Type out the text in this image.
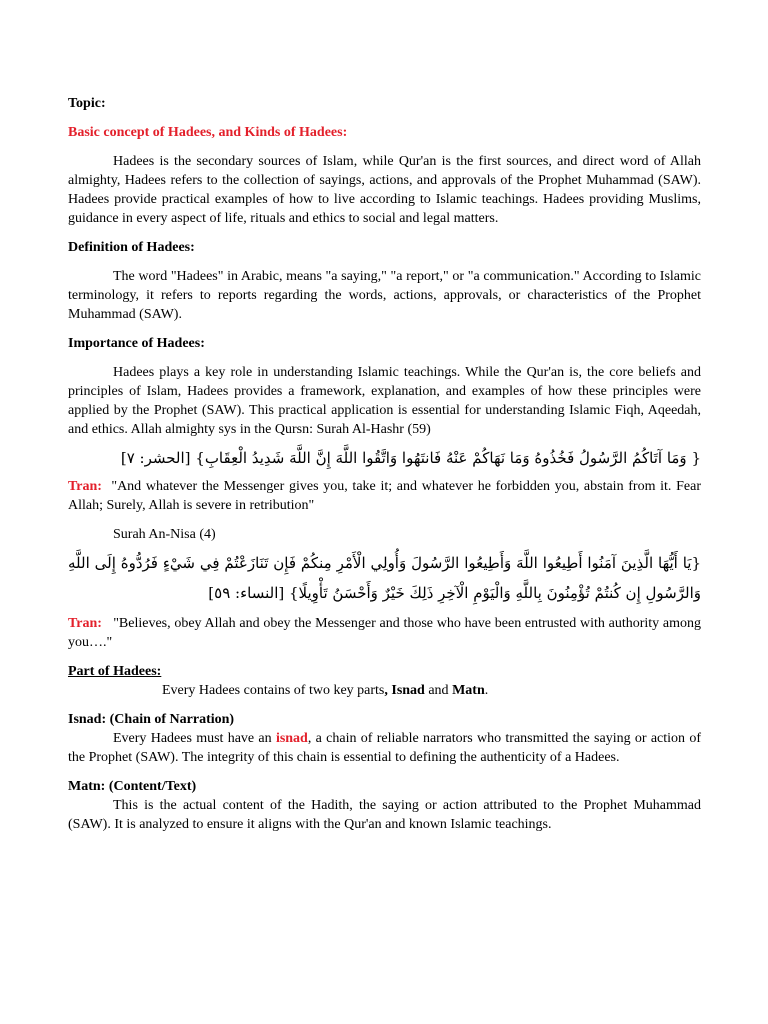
Topic:

Basic concept of Hadees, and Kinds of Hadees:

Hadees is the secondary sources of Islam, while Qur'an is the first sources, and direct word of Allah almighty, Hadees refers to the collection of sayings, actions, and approvals of the Prophet Muhammad (SAW). Hadees provide practical examples of how to live according to Islamic teachings. Hadees providing Muslims, guidance in every aspect of life, rituals and ethics to social and legal matters.

Definition of Hadees:

The word "Hadees" in Arabic, means "a saying," "a report," or "a communication." According to Islamic terminology, it refers to reports regarding the words, actions, approvals, or characteristics of the Prophet Muhammad (SAW).

Importance of Hadees:

Hadees plays a key role in understanding Islamic teachings. While the Qur'an is, the core beliefs and principles of Islam, Hadees provides a framework, explanation, and examples of how these principles were applied by the Prophet (SAW). This practical application is essential for understanding Islamic Fiqh, Aqeedah, and ethics. Allah almighty sys in the Qursn: Surah Al-Hashr (59)

{ وَمَا آتَاكُمُ الرَّسُولُ فَخُذُوهُ وَمَا نَهَاكُمْ عَنْهُ فَانتَهُوا وَاتَّقُوا اللَّهَ إِنَّ اللَّهَ شَدِيدُ الْعِقَابِ} [الحشر: ٧]

Tran: "And whatever the Messenger gives you, take it; and whatever he forbidden you, abstain from it. Fear Allah; Surely, Allah is severe in retribution"

Surah An-Nisa (4)

{يَا أَيُّهَا الَّذِينَ آمَنُوا أَطِيعُوا اللَّهَ وَأَطِيعُوا الرَّسُولَ وَأُولِي الْأَمْرِ مِنكُمْ فَإِن تَنَازَعْتُمْ فِي شَيْءٍ فَرُدُّوهُ إِلَى اللَّهِ وَالرَّسُولِ إِن كُنتُمْ تُؤْمِنُونَ بِاللَّهِ وَالْيَوْمِ الْآخِرِ ذَلِكَ خَيْرٌ وَأَحْسَنُ تَأْوِيلًا} [النساء: ٥٩]

Tran: "Believes, obey Allah and obey the Messenger and those who have been entrusted with authority among you…."

Part of Hadees:

Every Hadees contains of two key parts, Isnad and Matn.

Isnad: (Chain of Narration)

Every Hadees must have an isnad, a chain of reliable narrators who transmitted the saying or action of the Prophet (SAW). The integrity of this chain is essential to defining the authenticity of a Hadees.

Matn: (Content/Text)

This is the actual content of the Hadith, the saying or action attributed to the Prophet Muhammad (SAW). It is analyzed to ensure it aligns with the Qur'an and known Islamic teachings.
